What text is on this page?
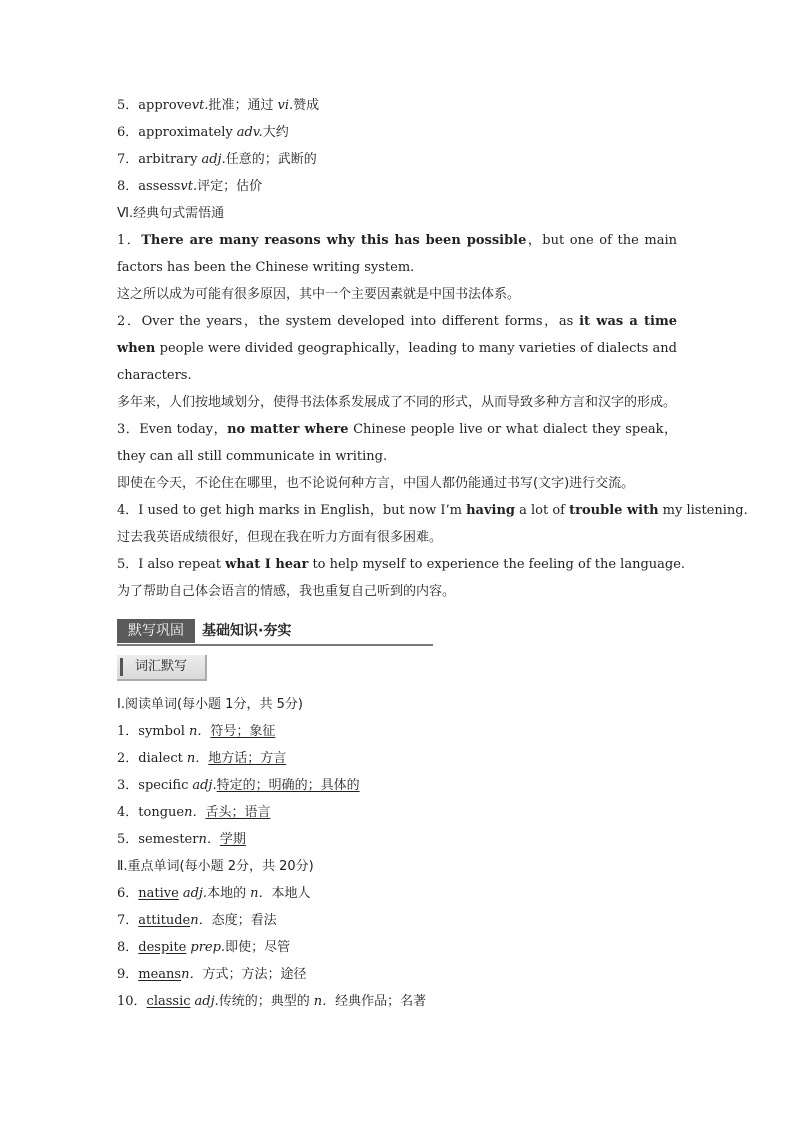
5．approvevt.批准；通过 vi.赞成
6．approximately adv.大约
7．arbitrary adj.任意的；武断的
8．assessvt.评定；估价
Ⅵ.经典句式需悟通
1．There are many reasons why this has been possible，but one of the main factors has been the Chinese writing system.
这之所以成为可能有很多原因，其中一个主要因素就是中国书法体系。
2．Over the years，the system developed into different forms，as it was a time when people were divided geographically，leading to many varieties of dialects and characters.
多年来，人们按地域划分，使得书法体系发展成了不同的形式，从而导致多种方言和汉字的形成。
3．Even today，no matter where Chinese people live or what dialect they speak，they can all still communicate in writing.
即使在今天，不论住在哪里，也不论说何种方言，中国人都仍能通过书写(文字)进行交流。
4．I used to get high marks in English，but now I’m having a lot of trouble with my listening.
过去我英语成绩很好，但现在我在听力方面有很多困难。
5．I also repeat what I hear to help myself to experience the feeling of the language.
为了帮助自己体会语言的情感，我也重复自己听到的内容。
默写巩固	基础知识·夯实
词汇默写
Ⅰ.阅读单词(每小题 1分，共 5分)
1．symbol n．符号；象征
2．dialect n．地方话；方言
3．specific adj.特定的；明确的；具体的
4．tonguen．舌头；语言
5．semestern．学期
Ⅱ.重点单词(每小题 2分，共 20分)
6．native adj.本地的 n．本地人
7．attituden．态度；看法
8．despite prep.即使；尽管
9．meansn．方式；方法；途径
10．classic adj.传统的；典型的 n．经典作品；名著
